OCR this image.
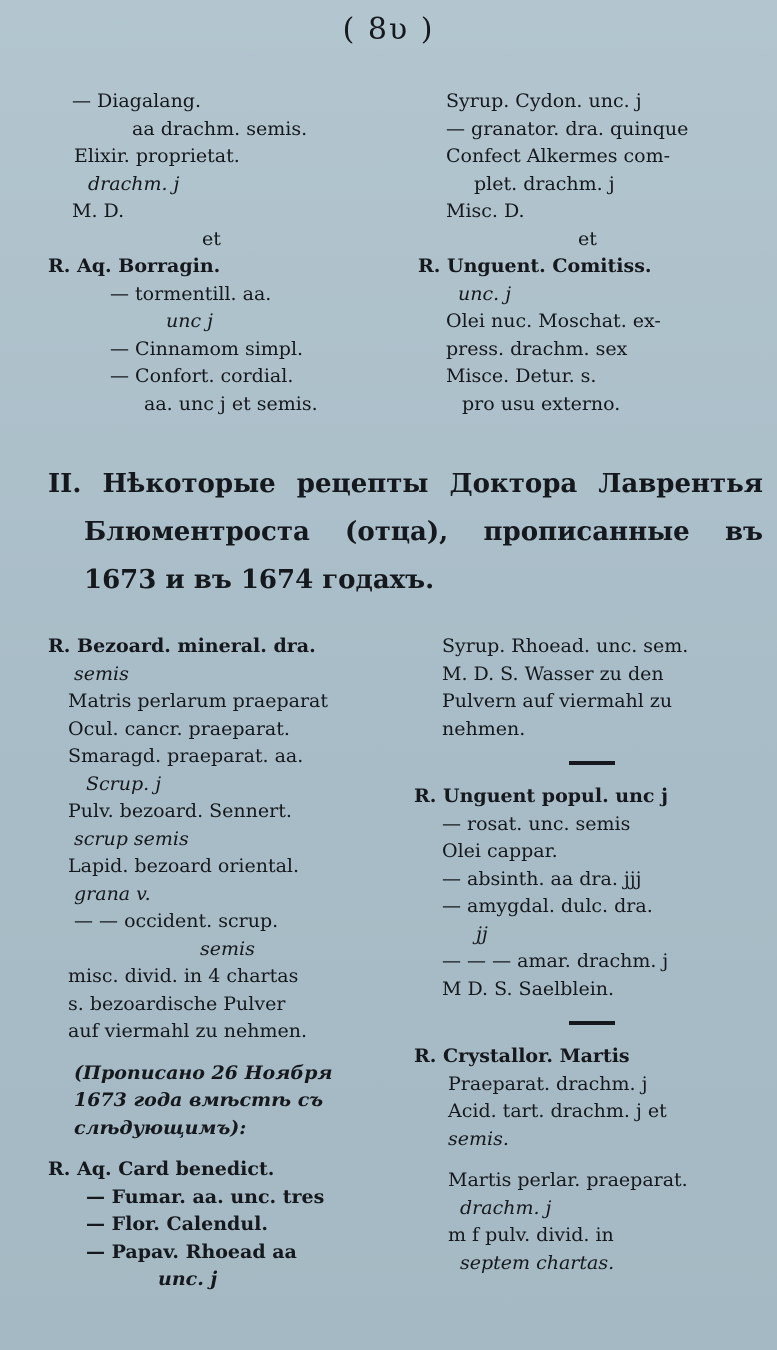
( 8υ )
— Diagalang.
aa drachm. semis.
Elixir. proprietat.
drachm. j
M. D.
et
R. Aq. Borragin.
— tormentill. aa.
unc j
— Cinnamom simpl.
— Confort. cordial.
aa. unc j et semis.
Syrup. Cydon. unc. j
— granator. dra. quinque
Confect Alkermes com-
plet. drachm. j
Misc. D.
et
R. Unguent. Comitiss.
unc. j
Olei nuc. Moschat. ex-
press. drachm. sex
Misce. Detur. s.
pro usu externo.
II. Нѣкоторые рецепты Доктора Лаврентья
Блюментроста (отца), прописанные въ
1673 и въ 1674 годахъ.
R. Bezoard. mineral. dra.
semis
Matris perlarum praeparat
Ocul. cancr. praeparat.
Smaragd. praeparat. aa.
Scrup. j
Pulv. bezoard. Sennert.
scrup semis
Lapid. bezoard oriental.
grana v.
— — occident. scrup.
semis
misc. divid. in 4 chartas
s. bezoardische Pulver
auf viermahl zu nehmen.
(Прописано 26 Ноября
1673 года вмѣстѣ съ
слѣдующимъ):
R. Aq. Card benedict.
— Fumar. aa. unc. tres
— Flor. Calendul.
— Papav. Rhoead aa
unc. j
Syrup. Rhoead. unc. sem.
M. D. S. Wasser zu den
Pulvern auf viermahl zu
nehmen.
R. Unguent popul. unc j
— rosat. unc. semis
Olei cappar.
— absinth. aa dra. jjj
— amygdal. dulc. dra.
jj
— — — amar. drachm. j
M D. S. Saelblein.
R. Crystallor. Martis
Praeparat. drachm. j
Acid. tart. drachm. j et
semis.
Martis perlar. praeparat.
drachm. j
m f pulv. divid. in
septem chartas.
